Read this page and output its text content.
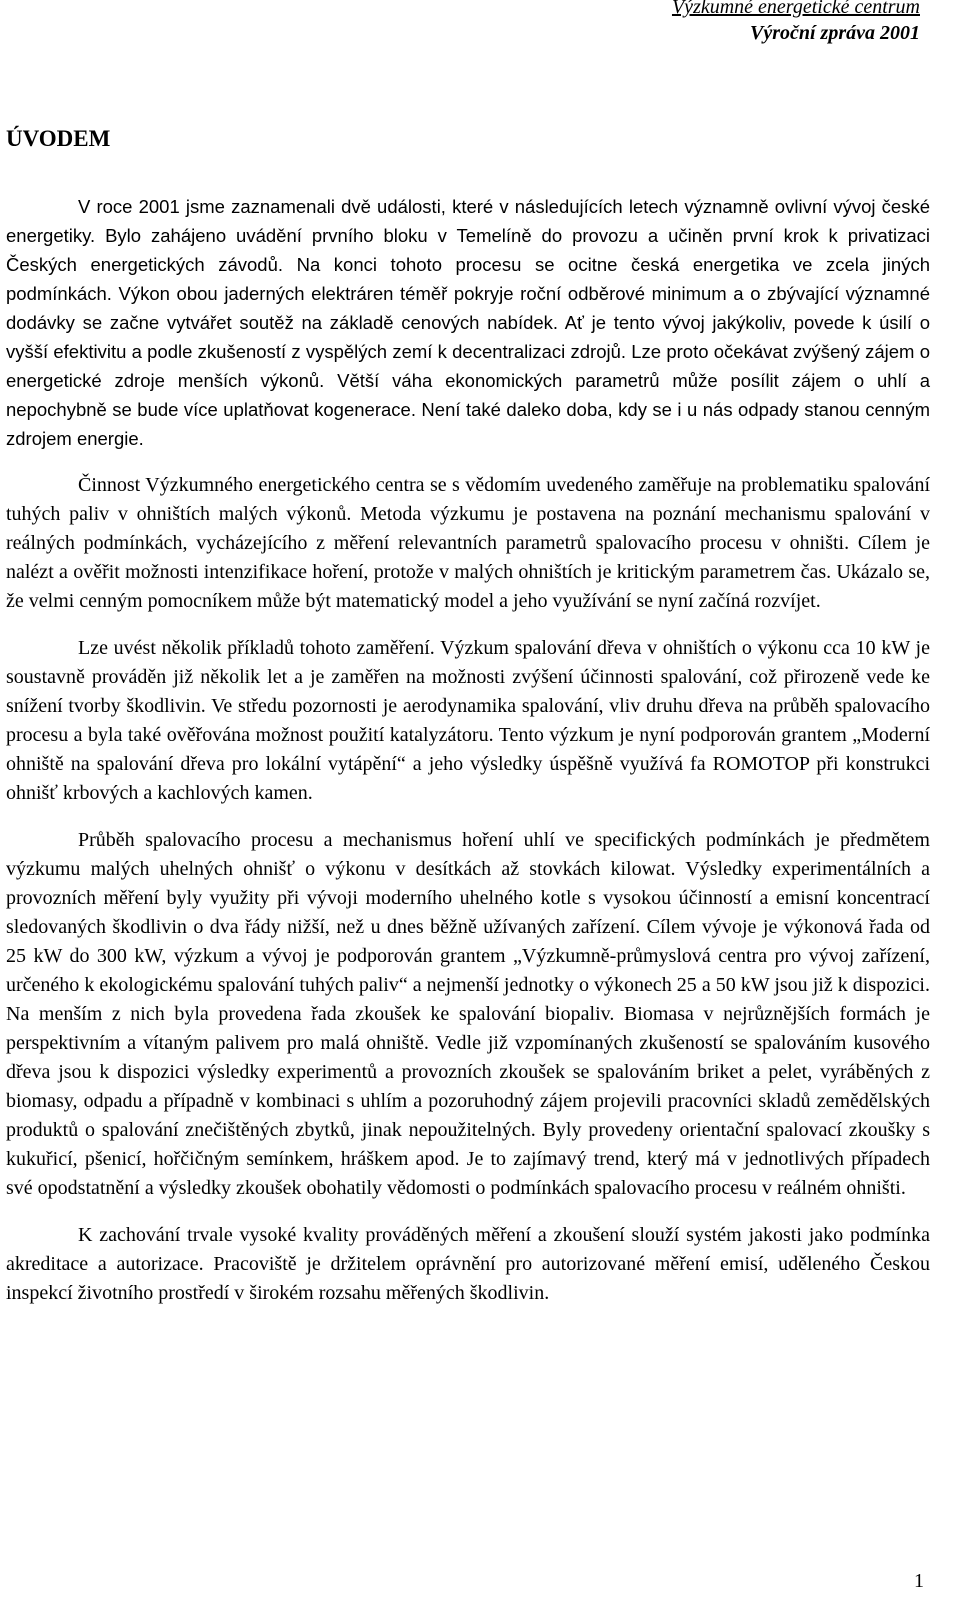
Výzkumné energetické centrum
Výroční zpráva 2001
ÚVODEM

V roce 2001 jsme zaznamenali dvě události, které v následujících letech významně ovlivní vývoj české energetiky. Bylo zahájeno uvádění prvního bloku v Temelíně do provozu a učiněn první krok k privatizaci Českých energetických závodů. Na konci tohoto procesu se ocitne česká energetika ve zcela jiných podmínkách. Výkon obou jaderných elektráren téměř pokryje roční odběrové minimum a o zbývající významné dodávky se začne vytvářet soutěž na základě cenových nabídek. Ať je tento vývoj jakýkoliv, povede k úsilí o vyšší efektivitu a podle zkušeností z vyspělých zemí k decentralizaci zdrojů. Lze proto očekávat zvýšený zájem o energetické zdroje menších výkonů. Větší váha ekonomických parametrů může posílit zájem o uhlí a nepochybně se bude více uplatňovat kogenerace. Není také daleko doba, kdy se i u nás odpady stanou cenným zdrojem energie.

Činnost Výzkumného energetického centra se s vědomím uvedeného zaměřuje na problematiku spalování tuhých paliv v ohništích malých výkonů. Metoda výzkumu je postavena na poznání mechanismu spalování v reálných podmínkách, vycházejícího z měření relevantních parametrů spalovacího procesu v ohništi. Cílem je nalézt a ověřit možnosti intenzifikace hoření, protože v malých ohništích je kritickým parametrem čas. Ukázalo se, že velmi cenným pomocníkem může být matematický model a jeho využívání se nyní začíná rozvíjet.

Lze uvést několik příkladů tohoto zaměření. Výzkum spalování dřeva v ohništích o výkonu cca 10 kW je soustavně prováděn již několik let a je zaměřen na možnosti zvýšení účinnosti spalování, což přirozeně vede ke snížení tvorby škodlivin. Ve středu pozornosti je aerodynamika spalování, vliv druhu dřeva na průběh spalovacího procesu a byla také ověřována možnost použití katalyzátoru. Tento výzkum je nyní podporován grantem „Moderní ohniště na spalování dřeva pro lokální vytápění“ a jeho výsledky úspěšně využívá fa ROMOTOP při konstrukci ohnišť krbových a kachlových kamen.

Průběh spalovacího procesu a mechanismus hoření uhlí ve specifických podmínkách je předmětem výzkumu malých uhelných ohnišť o výkonu v desítkách až stovkách kilowat. Výsledky experimentálních a provozních měření byly využity při vývoji moderního uhelného kotle s vysokou účinností a emisní koncentrací sledovaných škodlivin o dva řády nižší, než u dnes běžně užívaných zařízení. Cílem vývoje je výkonová řada od 25 kW do 300 kW, výzkum a vývoj je podporován grantem „Výzkumně-průmyslová centra pro vývoj zařízení, určeného k ekologickému spalování tuhých paliv“ a nejmenší jednotky o výkonech 25 a 50 kW jsou již k dispozici. Na menším z nich byla provedena řada zkoušek ke spalování biopaliv. Biomasa v nejrůznějších formách je perspektivním a vítaným palivem pro malá ohniště. Vedle již vzpomínaných zkušeností se spalováním kusového dřeva jsou k dispozici výsledky experimentů a provozních zkoušek se spalováním briket a pelet, vyráběných z biomasy, odpadu a případně v kombinaci s uhlím a pozoruhodný zájem projevili pracovníci skladů zemědělských produktů o spalování znečištěných zbytků, jinak nepoužitelných. Byly provedeny orientační spalovací zkoušky s kukuřicí, pšenicí, hořčičným semínkem, hráškem apod. Je to zajímavý trend, který má v jednotlivých případech své opodstatnění a výsledky zkoušek obohatily vědomosti o podmínkách spalovacího procesu v reálném ohništi.

K zachování trvale vysoké kvality prováděných měření a zkoušení slouží systém jakosti jako podmínka akreditace a autorizace. Pracoviště je držitelem oprávnění pro autorizované měření emisí, uděleného Českou inspekcí životního prostředí v širokém rozsahu měřených škodlivin.

1
